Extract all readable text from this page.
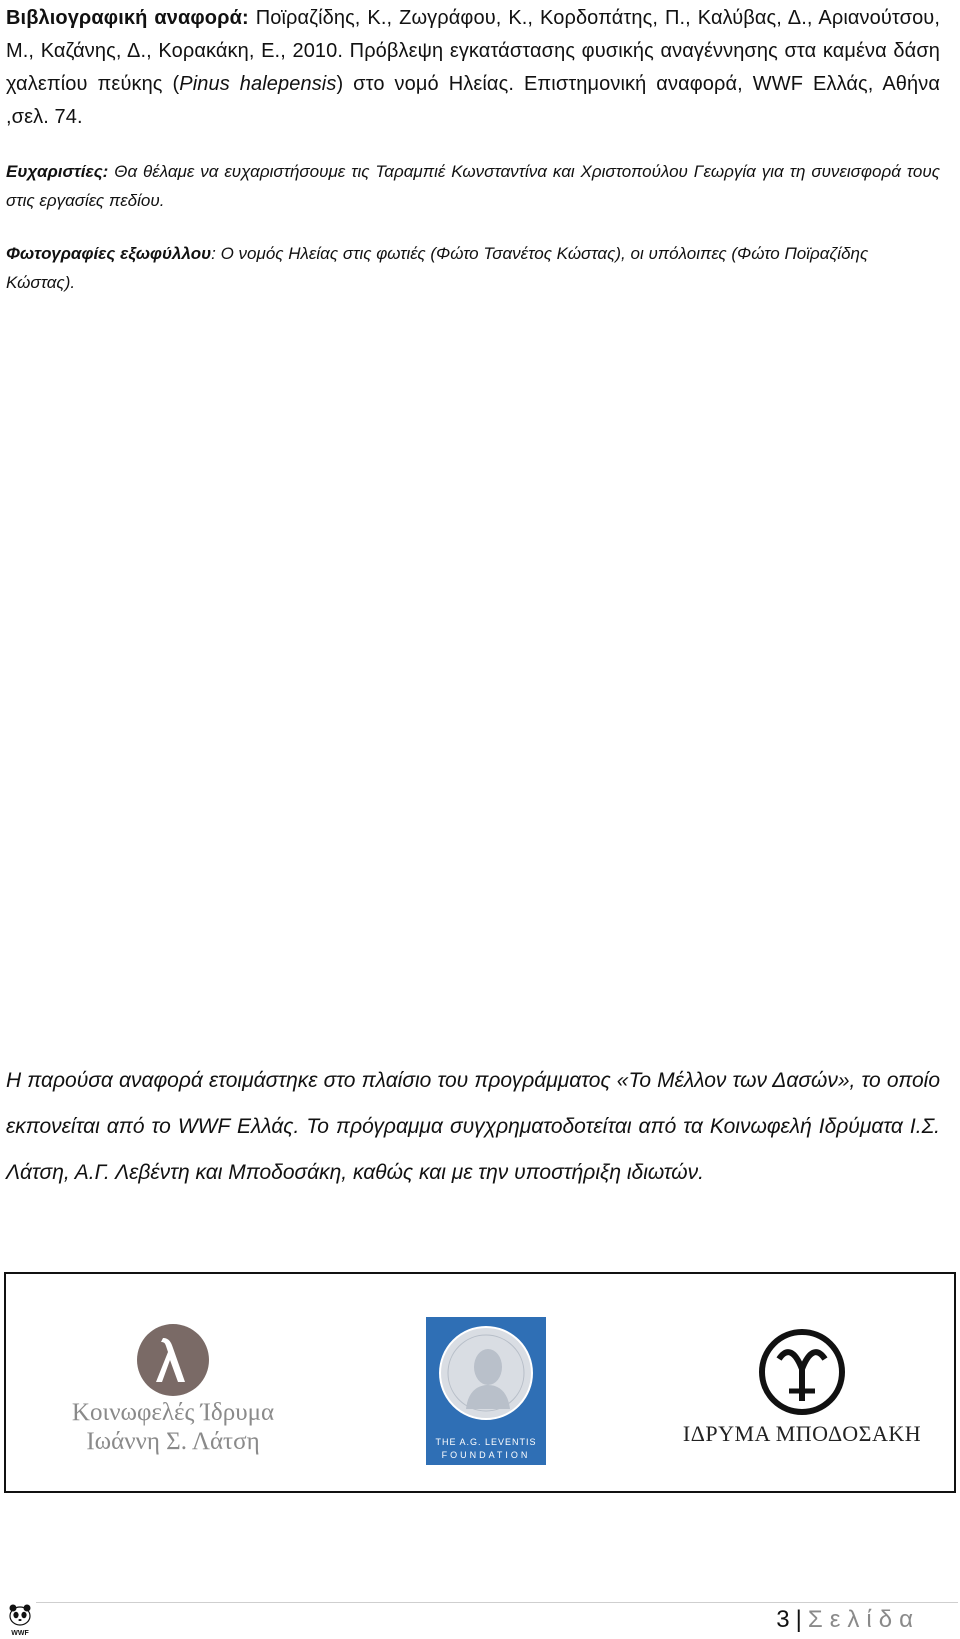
Βιβλιογραφική αναφορά: Ποϊραζίδης, Κ., Ζωγράφου, Κ., Κορδοπάτης, Π., Καλύβας, Δ., Αριανούτσου, Μ., Καζάνης, Δ., Κορακάκη, Ε., 2010. Πρόβλεψη εγκατάστασης φυσικής αναγέννησης στα καμένα δάση χαλεπίου πεύκης (Pinus halepensis) στο νομό Ηλείας. Επιστημονική αναφορά, WWF Ελλάς, Αθήνα ,σελ. 74.
Ευχαριστίες: Θα θέλαμε να ευχαριστήσουμε τις Ταραμπιέ Κωνσταντίνα και Χριστοπούλου Γεωργία για τη συνεισφορά τους στις εργασίες πεδίου.
Φωτογραφίες εξωφύλλου: Ο νομός Ηλείας στις φωτιές (Φώτο Τσανέτος Κώστας), οι υπόλοιπες (Φώτο Ποϊραζίδης Κώστας).
Η παρούσα αναφορά ετοιμάστηκε στο πλαίσιο του προγράμματος «Το Μέλλον των Δασών», το οποίο εκπονείται από το WWF Ελλάς. Το πρόγραμμα συγχρηματοδοτείται από τα Κοινωφελή Ιδρύματα Ι.Σ. Λάτση, Α.Γ. Λεβέντη και Μποδοσάκη, καθώς και με την υποστήριξη ιδιωτών.
Κοινωφελές Ίδρυμα
Ιωάννη Σ. Λάτση	THE A.G. LEVENTIS
FOUNDATION
ΙΔΡΥΜΑ ΜΠΟΔΟΣΑΚΗ
WWF
3 | Σελίδα
